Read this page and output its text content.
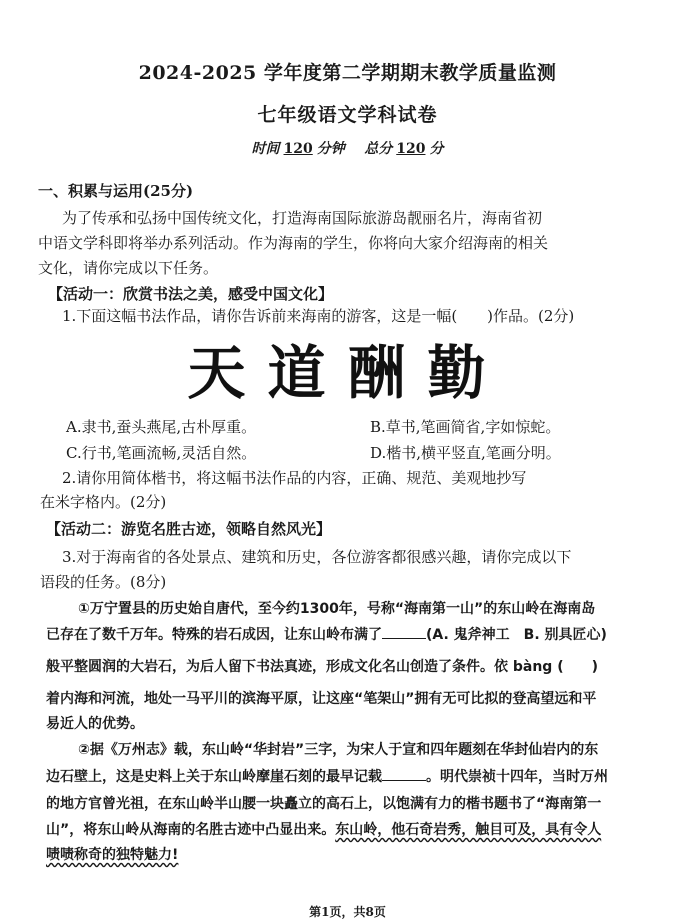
2024-2025 学年度第二学期期末教学质量监测
七年级语文学科试卷
时间 120 分钟 总分 120 分
一、积累与运用(25分)
为了传承和弘扬中国传统文化，打造海南国际旅游岛靓丽名片，海南省初
中语文学科即将举办系列活动。作为海南的学生，你将向大家介绍海南的相关
文化，请你完成以下任务。
【活动一：欣赏书法之美，感受中国文化】
1.下面这幅书法作品，请你告诉前来海南的游客，这是一幅(　　)作品。(2分)
天道酬勤
A.隶书,蚕头燕尾,古朴厚重。	B.草书,笔画简省,字如惊蛇。
C.行书,笔画流畅,灵活自然。	D.楷书,横平竖直,笔画分明。
2.请你用简体楷书，将这幅书法作品的内容，正确、规范、美观地抄写
在米字格内。(2分)
【活动二：游览名胜古迹，领略自然风光】
3.对于海南省的各处景点、建筑和历史，各位游客都很感兴趣，请你完成以下
语段的任务。(8分)
①万宁置县的历史始自唐代，至今约1300年，号称“海南第一山”的东山岭在海南岛
已存在了数千万年。特殊的岩石成因，让东山岭布满了	(A. 鬼斧神工　B. 别具匠心)
般平整圆润的大岩石，为后人留下书法真迹，形成文化名山创造了条件。依 bàng (　　)
着内海和河流，地处一马平川的滨海平原，让这座“笔架山”拥有无可比拟的登高望远和平
易近人的优势。
②据《万州志》载，东山岭“华封岩”三字，为宋人于宣和四年题刻在华封仙岩内的东
边石壁上，这是史料上关于东山岭摩崖石刻的最早记载	。明代崇祯十四年，当时万州
的地方官曾光祖，在东山岭半山腰一块矗立的高石上，以饱满有力的楷书题书了“海南第一
山”，将东山岭从海南的名胜古迹中凸显出来。东山岭，他石奇岩秀，触目可及，具有令人
啧啧称奇的独特魅力!
第1页，共8页
